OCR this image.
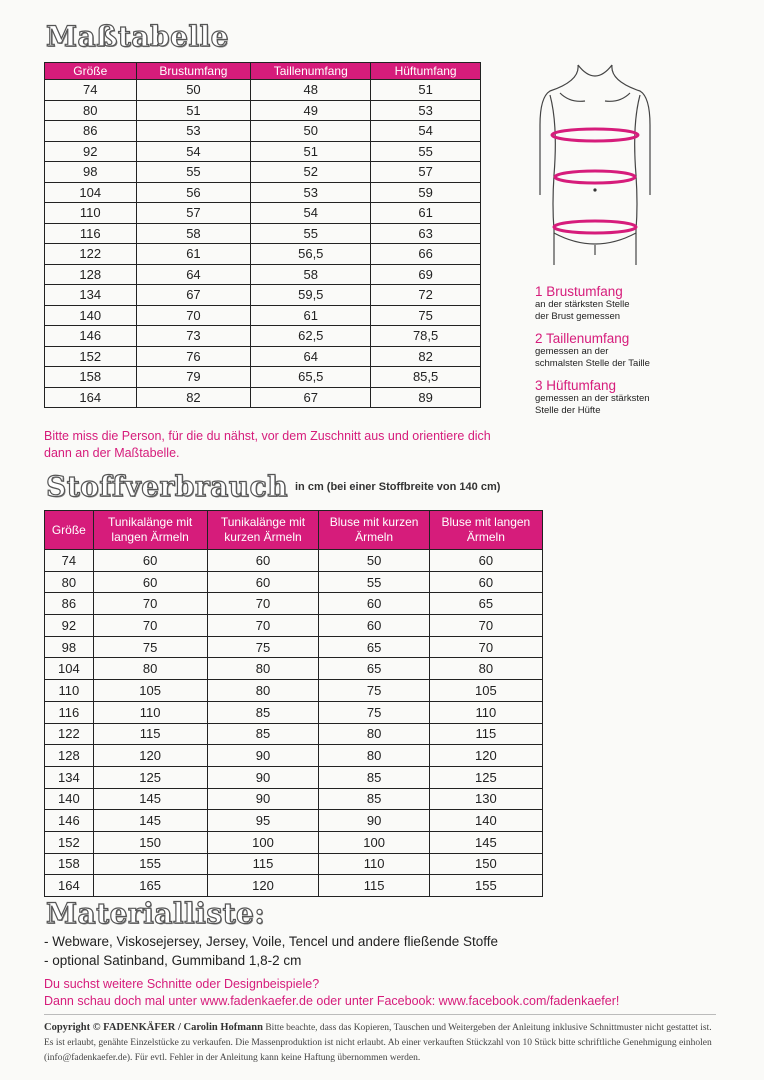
Maßtabelle
Größe	Brustumfang	Taillenumfang	Hüftumfang
74	50	48	51
80	51	49	53
86	53	50	54
92	54	51	55
98	55	52	57
104	56	53	59
110	57	54	61
116	58	55	63
122	61	56,5	66
128	64	58	69
134	67	59,5	72
140	70	61	75
146	73	62,5	78,5
152	76	64	82
158	79	65,5	85,5
164	82	67	89
Bitte miss die Person, für die du nähst, vor dem Zuschnitt aus und orientiere dich dann an der Maßtabelle.
1 Brustumfang
an der stärksten Stelle
der Brust gemessen
2 Taillenumfang
gemessen an der
schmalsten Stelle der Taille
3 Hüftumfang
gemessen an der stärksten
Stelle der Hüfte
Stoffverbrauch in cm (bei einer Stoffbreite von 140 cm)
Größe	Tunikalänge mit langen Ärmeln	Tunikalänge mit kurzen Ärmeln	Bluse mit kurzen Ärmeln	Bluse mit langen Ärmeln
74	60	60	50	60
80	60	60	55	60
86	70	70	60	65
92	70	70	60	70
98	75	75	65	70
104	80	80	65	80
110	105	80	75	105
116	110	85	75	110
122	115	85	80	115
128	120	90	80	120
134	125	90	85	125
140	145	90	85	130
146	145	95	90	140
152	150	100	100	145
158	155	115	110	150
164	165	120	115	155
Materialliste:
- Webware, Viskosejersey, Jersey, Voile, Tencel und andere fließende Stoffe
- optional Satinband, Gummiband 1,8-2 cm
Du suchst weitere Schnitte oder Designbeispiele?
Dann schau doch mal unter www.fadenkaefer.de oder unter Facebook: www.facebook.com/fadenkaefer!
Copyright © FADENKÄFER / Carolin Hofmann Bitte beachte, dass das Kopieren, Tauschen und Weitergeben der Anleitung inklusive Schnittmuster nicht gestattet ist. Es ist erlaubt, genähte Einzelstücke zu verkaufen. Die Massenproduktion ist nicht erlaubt. Ab einer verkauften Stückzahl von 10 Stück bitte schriftliche Genehmigung einholen (info@fadenkaefer.de). Für evtl. Fehler in der Anleitung kann keine Haftung übernommen werden.
